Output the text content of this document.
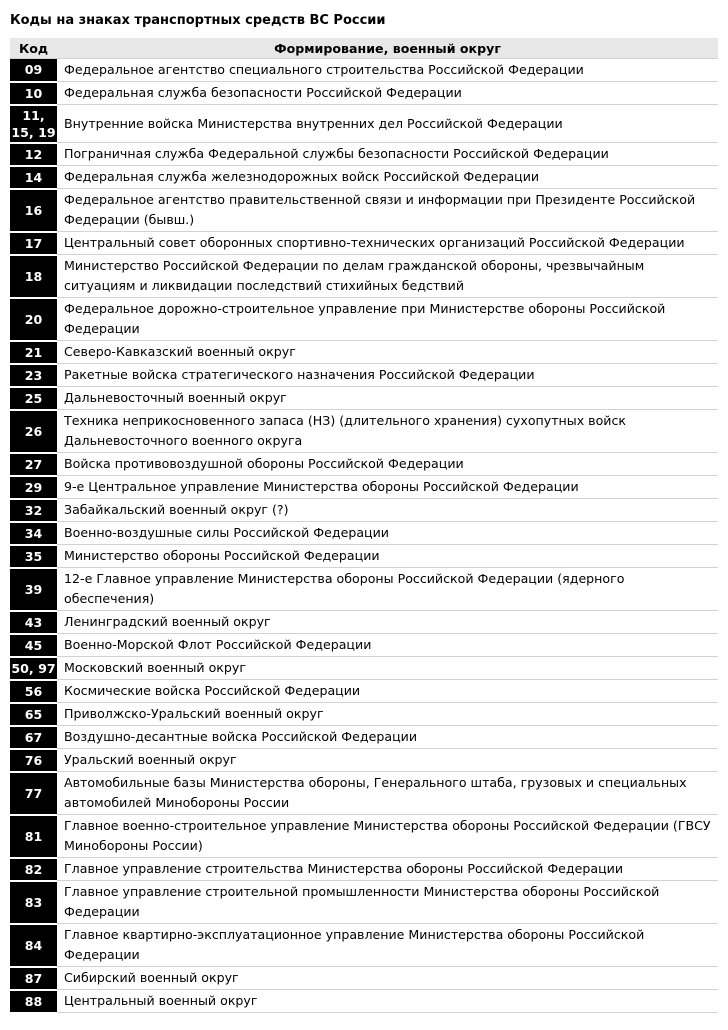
Коды на знаках транспортных средств ВС России
Код	Формирование, военный округ
09	Федеральное агентство специального строительства Российской Федерации
10	Федеральная служба безопасности Российской Федерации
11, 15, 19	Внутренние войска Министерства внутренних дел Российской Федерации
12	Пограничная служба Федеральной службы безопасности Российской Федерации
14	Федеральная служба железнодорожных войск Российской Федерации
16	Федеральное агентство правительственной связи и информации при Президенте Российской Федерации (бывш.)
17	Центральный совет оборонных спортивно-технических организаций Российской Федерации
18	Министерство Российской Федерации по делам гражданской обороны, чрезвычайным ситуациям и ликвидации последствий стихийных бедствий
20	Федеральное дорожно-строительное управление при Министерстве обороны Российской Федерации
21	Северо-Кавказский военный округ
23	Ракетные войска стратегического назначения Российской Федерации
25	Дальневосточный военный округ
26	Техника неприкосновенного запаса (НЗ) (длительного хранения) сухопутных войск Дальневосточного военного округа
27	Войска противовоздушной обороны Российской Федерации
29	9-е Центральное управление Министерства обороны Российской Федерации
32	Забайкальский военный округ (?)
34	Военно-воздушные силы Российской Федерации
35	Министерство обороны Российской Федерации
39	12-е Главное управление Министерства обороны Российской Федерации (ядерного обеспечения)
43	Ленинградский военный округ
45	Военно-Морской Флот Российской Федерации
50, 97	Московский военный округ
56	Космические войска Российской Федерации
65	Приволжско-Уральский военный округ
67	Воздушно-десантные войска Российской Федерации
76	Уральский военный округ
77	Автомобильные базы Министерства обороны, Генерального штаба, грузовых и специальных автомобилей Минобороны России
81	Главное военно-строительное управление Министерства обороны Российской Федерации (ГВСУ Минобороны России)
82	Главное управление строительства Министерства обороны Российской Федерации
83	Главное управление строительной промышленности Министерства обороны Российской Федерации
84	Главное квартирно-эксплуатационное управление Министерства обороны Российской Федерации
87	Сибирский военный округ
88	Центральный военный округ
